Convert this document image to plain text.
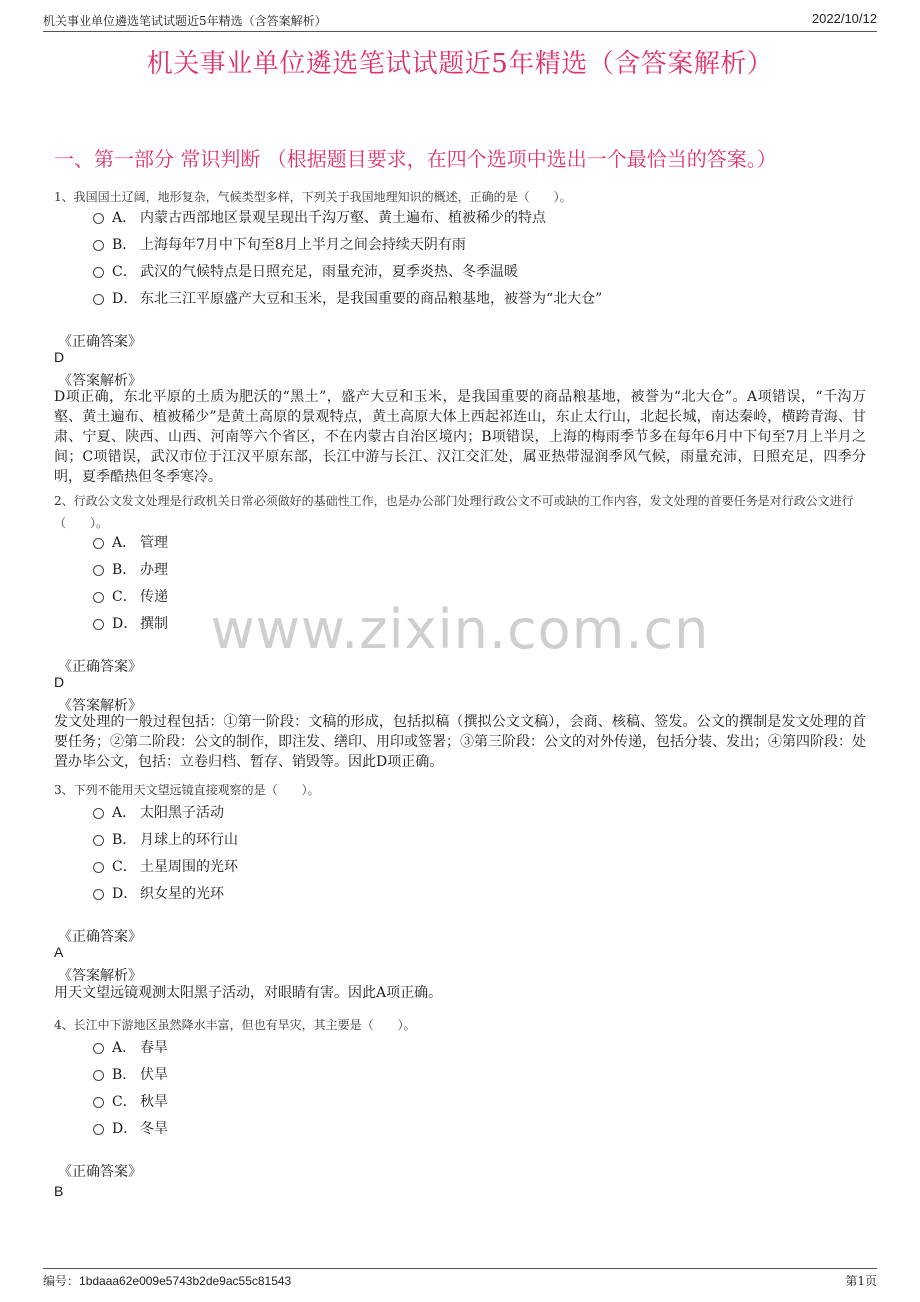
机关事业单位遴选笔试试题近5年精选（含答案解析）	2022/10/12
机关事业单位遴选笔试试题近5年精选（含答案解析）
一、第一部分 常识判断 （根据题目要求，在四个选项中选出一个最恰当的答案。）
1、我国国土辽阔，地形复杂，气候类型多样，下列关于我国地理知识的概述，正确的是（　　）。
A． 内蒙古西部地区景观呈现出千沟万壑、黄土遍布、植被稀少的特点
B． 上海每年7月中下旬至8月上半月之间会持续天阴有雨
C． 武汉的气候特点是日照充足，雨量充沛，夏季炎热、冬季温暖
D． 东北三江平原盛产大豆和玉米，是我国重要的商品粮基地，被誉为“北大仓”
《正确答案》
D
《答案解析》
D项正确，东北平原的土质为肥沃的“黑土”，盛产大豆和玉米，是我国重要的商品粮基地，被誉为“北大仓”。A项错误，“千沟万壑、黄土遍布、植被稀少”是黄土高原的景观特点，黄土高原大体上西起祁连山，东止太行山，北起长城，南达秦岭，横跨青海、甘肃、宁夏、陕西、山西、河南等六个省区，不在内蒙古自治区境内；B项错误，上海的梅雨季节多在每年6月中下旬至7月上半月之间；C项错误，武汉市位于江汉平原东部，长江中游与长江、汉江交汇处，属亚热带湿润季风气候，雨量充沛，日照充足，四季分明，夏季酷热但冬季寒冷。
2、行政公文发文处理是行政机关日常必须做好的基础性工作，也是办公部门处理行政公文不可或缺的工作内容，发文处理的首要任务是对行政公文进行（　　）。
A． 管理
B． 办理
C． 传递
D． 撰制
《正确答案》
D
《答案解析》
发文处理的一般过程包括：①第一阶段：文稿的形成，包括拟稿（撰拟公文文稿），会商、核稿、签发。公文的撰制是发文处理的首要任务；②第二阶段：公文的制作，即注发、缮印、用印或签署；③第三阶段：公文的对外传递，包括分装、发出；④第四阶段：处置办毕公文，包括：立卷归档、暂存、销毁等。因此D项正确。
3、下列不能用天文望远镜直接观察的是（　　）。
A． 太阳黑子活动
B． 月球上的环行山
C． 土星周围的光环
D． 织女星的光环
《正确答案》
A
《答案解析》
用天文望远镜观测太阳黑子活动，对眼睛有害。因此A项正确。
4、长江中下游地区虽然降水丰富，但也有旱灾，其主要是（　　）。
A． 春旱
B． 伏旱
C． 秋旱
D． 冬旱
《正确答案》
B
www.zixin.com.cn
编号：1bdaaa62e009e5743b2de9ac55c81543	第1页
